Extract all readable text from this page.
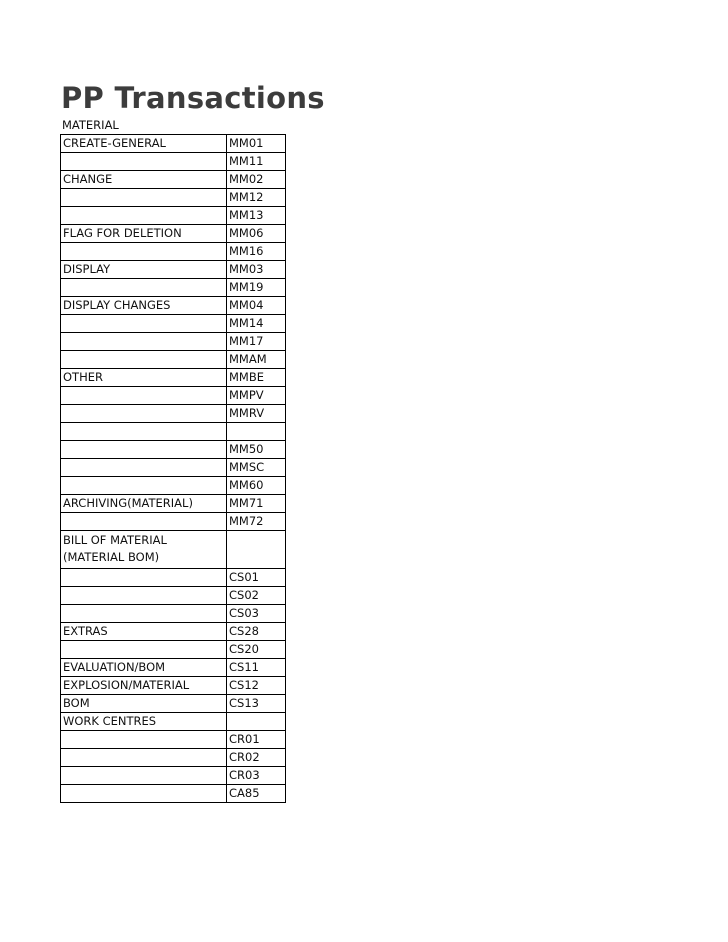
PP Transactions
MATERIAL
CREATE-GENERAL	MM01
	MM11
CHANGE	MM02
	MM12
	MM13
FLAG FOR DELETION	MM06
	MM16
DISPLAY	MM03
	MM19
DISPLAY CHANGES	MM04
	MM14
	MM17
	MMAM
OTHER	MMBE
	MMPV
	MMRV

	MM50
	MMSC
	MM60
ARCHIVING(MATERIAL)	MM71
	MM72
BILL OF MATERIAL (MATERIAL BOM)	
	CS01
	CS02
	CS03
EXTRAS	CS28
	CS20
EVALUATION/BOM	CS11
EXPLOSION/MATERIAL	CS12
BOM	CS13
WORK CENTRES	
	CR01
	CR02
	CR03
	CA85
